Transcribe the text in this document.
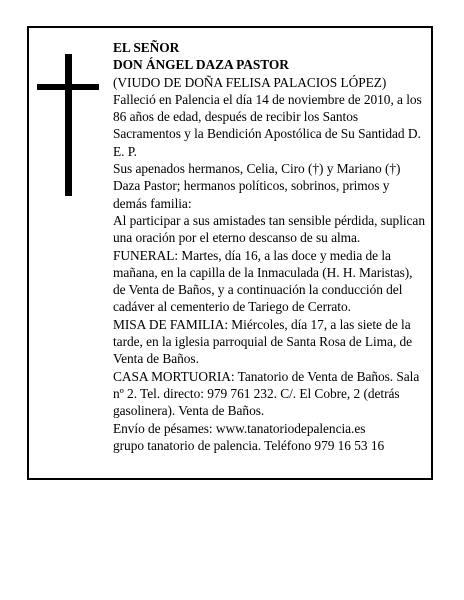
EL SEÑOR

DON ÁNGEL DAZA PASTOR

(VIUDO DE DOÑA FELISA PALACIOS LÓPEZ)

Falleció en Palencia el día 14 de noviembre de 2010, a los 86 años de edad, después de recibir los Santos Sacramentos y la Bendición Apostólica de Su Santidad D. E. P.

Sus apenados hermanos, Celia, Ciro (†) y Mariano (†) Daza Pastor; hermanos políticos, sobrinos, primos y demás familia:

Al participar a sus amistades tan sensible pérdida, suplican una oración por el eterno descanso de su alma.

FUNERAL: Martes, día 16, a las doce y media de la mañana, en la capilla de la Inmaculada (H. H. Maristas), de Venta de Baños, y a continuación la conducción del cadáver al cementerio de Tariego de Cerrato.

MISA DE FAMILIA: Miércoles, día 17, a las siete de la tarde, en la iglesia parroquial de Santa Rosa de Lima, de Venta de Baños.

CASA MORTUORIA: Tanatorio de Venta de Baños. Sala nº 2. Tel. directo: 979 761 232. C/. El Cobre, 2 (detrás gasolinera). Venta de Baños.

Envío de pésames: www.tanatoriodepalencia.es

grupo tanatorio de palencia. Teléfono 979 16 53 16
